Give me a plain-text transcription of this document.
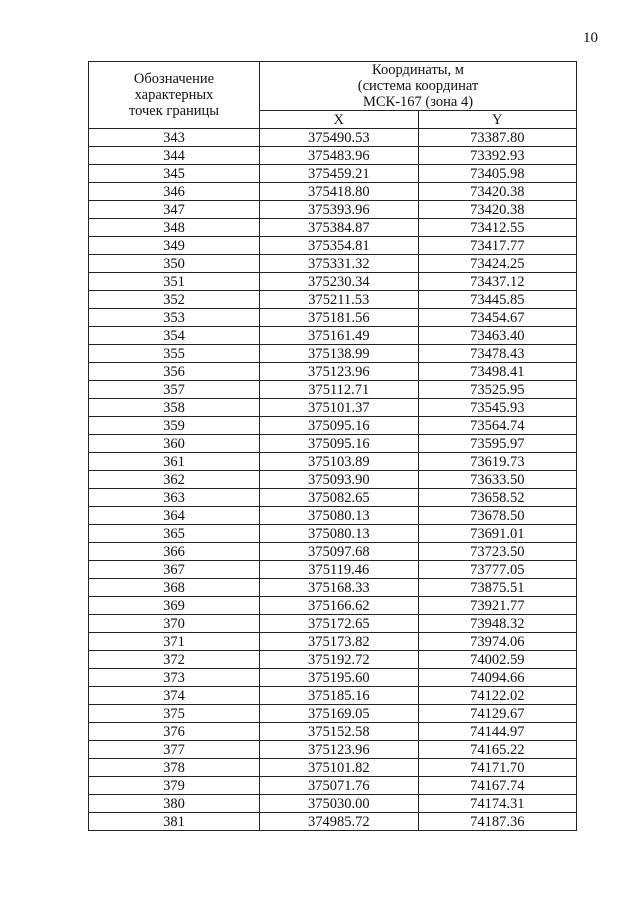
10
Обозначение
характерных
точек границы	Координаты, м
(система координат
МСК-167 (зона 4)	

	X	Y
343	375490.53	73387.80
344	375483.96	73392.93
345	375459.21	73405.98
346	375418.80	73420.38
347	375393.96	73420.38
348	375384.87	73412.55
349	375354.81	73417.77
350	375331.32	73424.25
351	375230.34	73437.12
352	375211.53	73445.85
353	375181.56	73454.67
354	375161.49	73463.40
355	375138.99	73478.43
356	375123.96	73498.41
357	375112.71	73525.95
358	375101.37	73545.93
359	375095.16	73564.74
360	375095.16	73595.97
361	375103.89	73619.73
362	375093.90	73633.50
363	375082.65	73658.52
364	375080.13	73678.50
365	375080.13	73691.01
366	375097.68	73723.50
367	375119.46	73777.05
368	375168.33	73875.51
369	375166.62	73921.77
370	375172.65	73948.32
371	375173.82	73974.06
372	375192.72	74002.59
373	375195.60	74094.66
374	375185.16	74122.02
375	375169.05	74129.67
376	375152.58	74144.97
377	375123.96	74165.22
378	375101.82	74171.70
379	375071.76	74167.74
380	375030.00	74174.31
381	374985.72	74187.36
